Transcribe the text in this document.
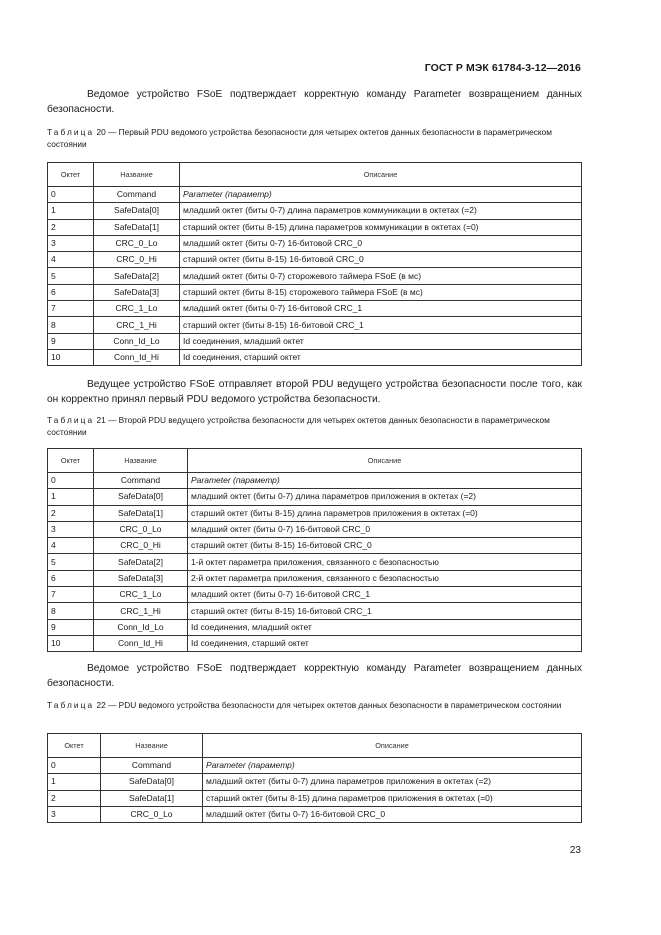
ГОСТ Р МЭК 61784-3-12—2016

Ведомое устройство FSoE подтверждает корректную команду Parameter возвращением данных безопасности.

Таблица 20 — Первый PDU ведомого устройства безопасности для четырех октетов данных безопасности в параметрическом состоянии
Октет	Название	Описание
0	Command	Parameter (параметр)
1	SafeData[0]	младший октет (биты 0-7) длина параметров коммуникации в октетах (=2)
2	SafeData[1]	старший октет (биты 8-15) длина параметров коммуникации в октетах (=0)
3	CRC_0_Lo	младший октет (биты 0-7) 16-битовой CRC_0
4	CRC_0_Hi	старший октет (биты 8-15) 16-битовой CRC_0
5	SafeData[2]	младший октет (биты 0-7) сторожевого таймера FSoE (в мс)
6	SafeData[3]	старший октет (биты 8-15) сторожевого таймера FSoE (в мс)
7	CRC_1_Lo	младший октет (биты 0-7) 16-битовой CRC_1
8	CRC_1_Hi	старший октет (биты 8-15) 16-битовой CRC_1
9	Conn_Id_Lo	Id соединения, младший октет
10	Conn_Id_Hi	Id соединения, старший октет

Ведущее устройство FSoE отправляет второй PDU ведущего устройства безопасности после того, как он корректно принял первый PDU ведомого устройства безопасности.

Таблица 21 — Второй PDU ведущего устройства безопасности для четырех октетов данных безопасности в параметрическом состоянии
Октет	Название	Описание
0	Command	Parameter (параметр)
1	SafeData[0]	младший октет (биты 0-7) длина параметров приложения в октетах (=2)
2	SafeData[1]	старший октет (биты 8-15) длина параметров приложения в октетах (=0)
3	CRC_0_Lo	младший октет (биты 0-7) 16-битовой CRC_0
4	CRC_0_Hi	старший октет (биты 8-15) 16-битовой CRC_0
5	SafeData[2]	1-й октет параметра приложения, связанного с безопасностью
6	SafeData[3]	2-й октет параметра приложения, связанного с безопасностью
7	CRC_1_Lo	младший октет (биты 0-7) 16-битовой CRC_1
8	CRC_1_Hi	старший октет (биты 8-15) 16-битовой CRC_1
9	Conn_Id_Lo	Id соединения, младший октет
10	Conn_Id_Hi	Id соединения, старший октет

Ведомое устройство FSoE подтверждает корректную команду Parameter возвращением данных безопасности.

Таблица 22 — PDU ведомого устройства безопасности для четырех октетов данных безопасности в параметрическом состоянии
Октет	Название	Описание
0	Command	Parameter (параметр)
1	SafeData[0]	младший октет (биты 0-7) длина параметров приложения в октетах (=2)
2	SafeData[1]	старший октет (биты 8-15) длина параметров приложения в октетах (=0)
3	CRC_0_Lo	младший октет (биты 0-7) 16-битовой CRC_0
23
